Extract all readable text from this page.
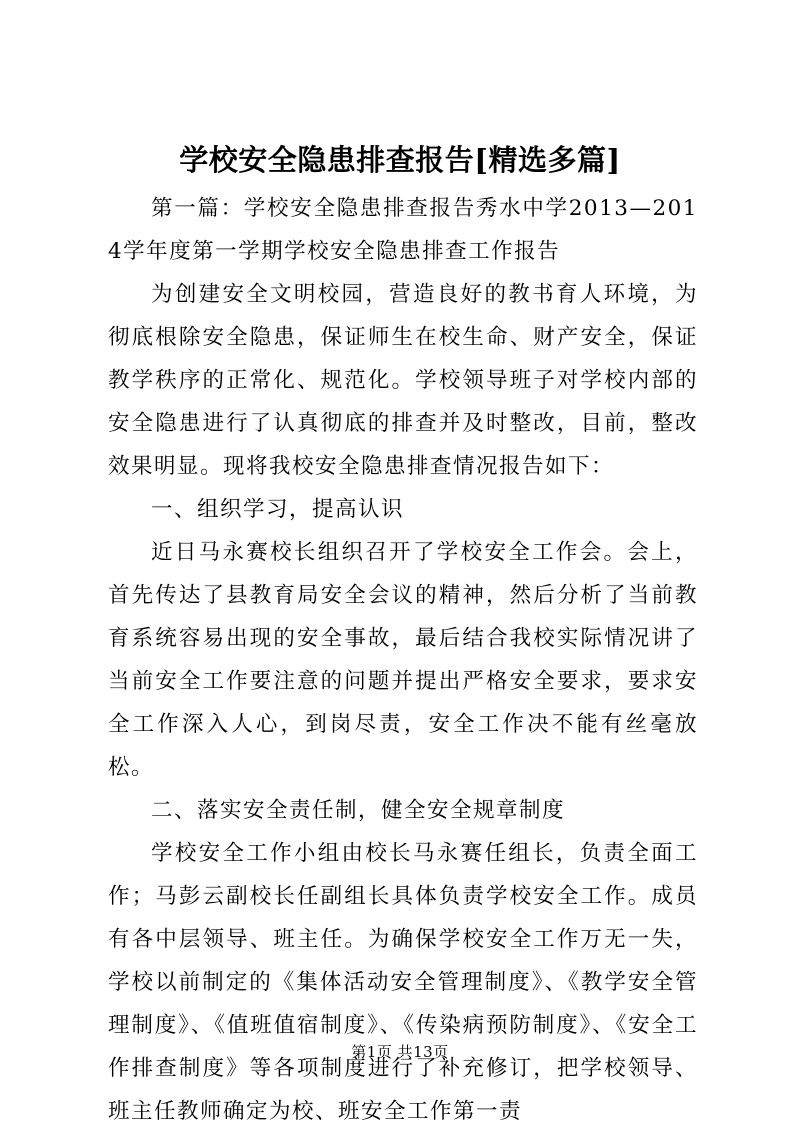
学校安全隐患排查报告[精选多篇]

第一篇：学校安全隐患排查报告秀水中学2013—2014学年度第一学期学校安全隐患排查工作报告

为创建安全文明校园，营造良好的教书育人环境，为彻底根除安全隐患，保证师生在校生命、财产安全，保证教学秩序的正常化、规范化。学校领导班子对学校内部的安全隐患进行了认真彻底的排查并及时整改，目前，整改效果明显。现将我校安全隐患排查情况报告如下：

一、组织学习，提高认识

近日马永赛校长组织召开了学校安全工作会。会上，首先传达了县教育局安全会议的精神，然后分析了当前教育系统容易出现的安全事故，最后结合我校实际情况讲了当前安全工作要注意的问题并提出严格安全要求，要求安全工作深入人心，到岗尽责，安全工作决不能有丝毫放松。

二、落实安全责任制，健全安全规章制度

学校安全工作小组由校长马永赛任组长，负责全面工作；马彭云副校长任副组长具体负责学校安全工作。成员有各中层领导、班主任。为确保学校安全工作万无一失，学校以前制定的《集体活动安全管理制度》、《教学安全管理制度》、《值班值宿制度》、《传染病预防制度》、《安全工作排查制度》等各项制度进行了补充修订，把学校领导、班主任教师确定为校、班安全工作第一责

第1页 共13页
